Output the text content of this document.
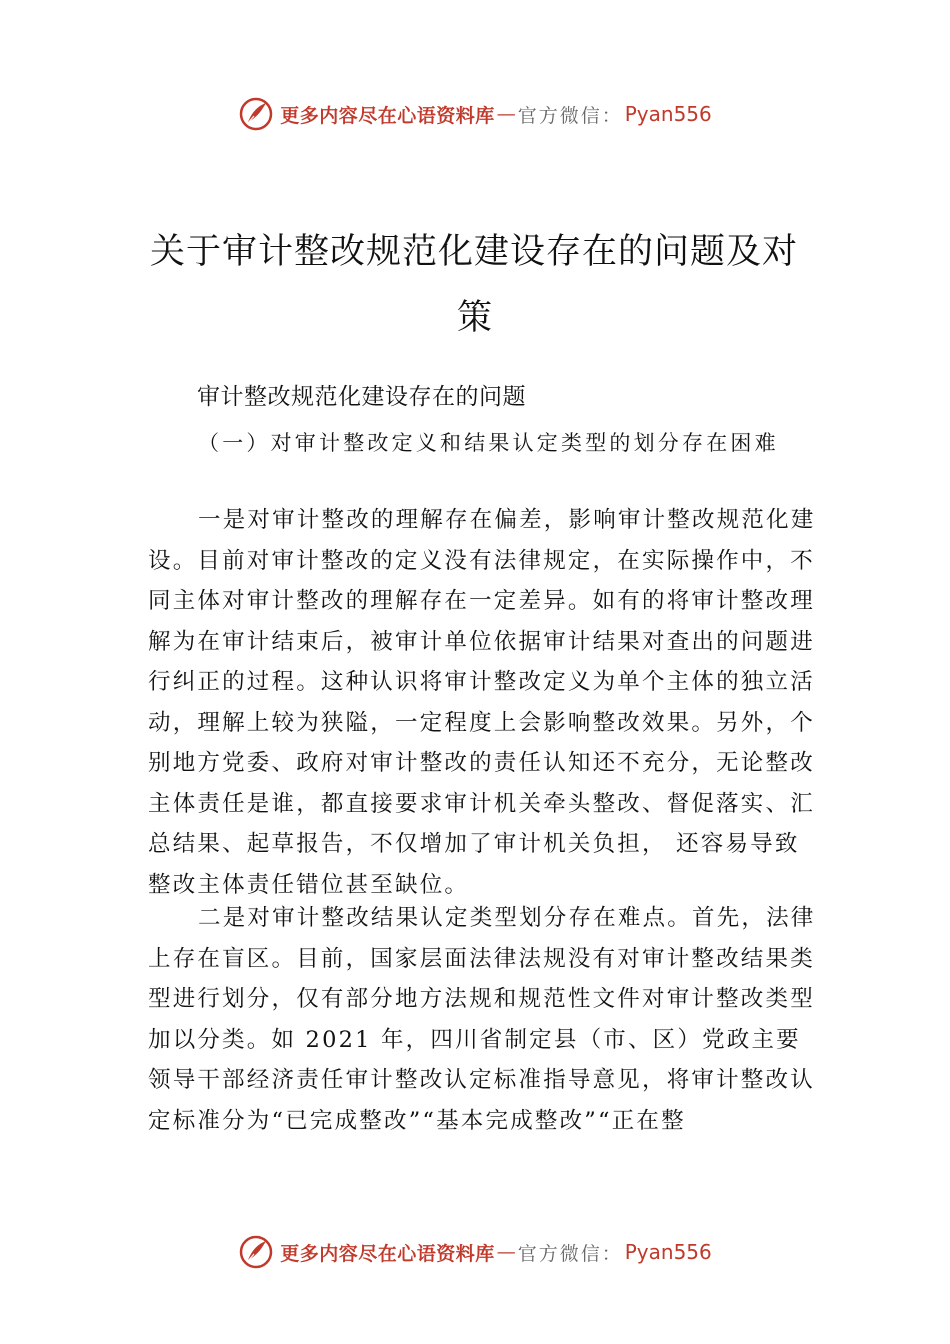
更多内容尽在心语资料库 — 官方微信： Pyan556
关于审计整改规范化建设存在的问题及对
策
审计整改规范化建设存在的问题
（一）对审计整改定义和结果认定类型的划分存在困难

一是对审计整改的理解存在偏差，影响审计整改规范化建设。目前对审计整改的定义没有法律规定，在实际操作中，不同主体对审计整改的理解存在一定差异。如有的将审计整改理解为在审计结束后，被审计单位依据审计结果对查出的问题进行纠正的过程。这种认识将审计整改定义为单个主体的独立活动，理解上较为狭隘，一定程度上会影响整改效果。另外，个别地方党委、政府对审计整改的责任认知还不充分，无论整改主体责任是谁，都直接要求审计机关牵头整改、督促落实、汇总结果、起草报告，不仅增加了审计机关负担， 还容易导致整改主体责任错位甚至缺位。

二是对审计整改结果认定类型划分存在难点。首先，法律上存在盲区。目前，国家层面法律法规没有对审计整改结果类型进行划分，仅有部分地方法规和规范性文件对审计整改类型加以分类。如 2021 年，四川省制定县（市、区）党政主要领导干部经济责任审计整改认定标准指导意见，将审计整改认定标准分为“已完成整改”“基本完成整改”“正在整

更多内容尽在心语资料库 — 官方微信： Pyan556
